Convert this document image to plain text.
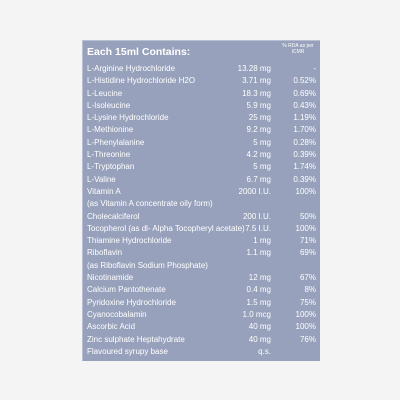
Each 15ml Contains:	% RDA as per ICMR
L-Arginine Hydrochloride	13.28 mg	-
L-Histidine Hydrochloride H2O	3.71 mg	0.52%
L-Leucine	18.3 mg	0.69%
L-Isoleucine	5.9 mg	0.43%
L-Lysine Hydrochloride	25 mg	1.19%
L-Methionine	9.2 mg	1.70%
L-Phenylalanine	5 mg	0.28%
L-Threonine	4.2 mg	0.39%
L-Tryptophan	5 mg	1.74%
L-Valine	6.7 mg	0.39%
Vitamin A	2000 I.U.	100%
(as Vitamin A concentrate oily form)
Cholecalciferol	200 I.U.	50%
Tocopherol (as dl- Alpha Tocopheryl acetate) 7.5 I.U.	100%
Thiamine Hydrochloride	1 mg	71%
Riboflavin	1.1 mg	69%
(as Riboflavin Sodium Phosphate)
Nicotinamide	12 mg	67%
Calcium Pantothenate	0.4 mg	8%
Pyridoxine Hydrochloride	1.5 mg	75%
Cyanocobalamin	1.0 mcg	100%
Ascorbic Acid	40 mg	100%
Zinc sulphate Heptahydrate	40 mg	76%
Flavoured syrupy base	q.s.
